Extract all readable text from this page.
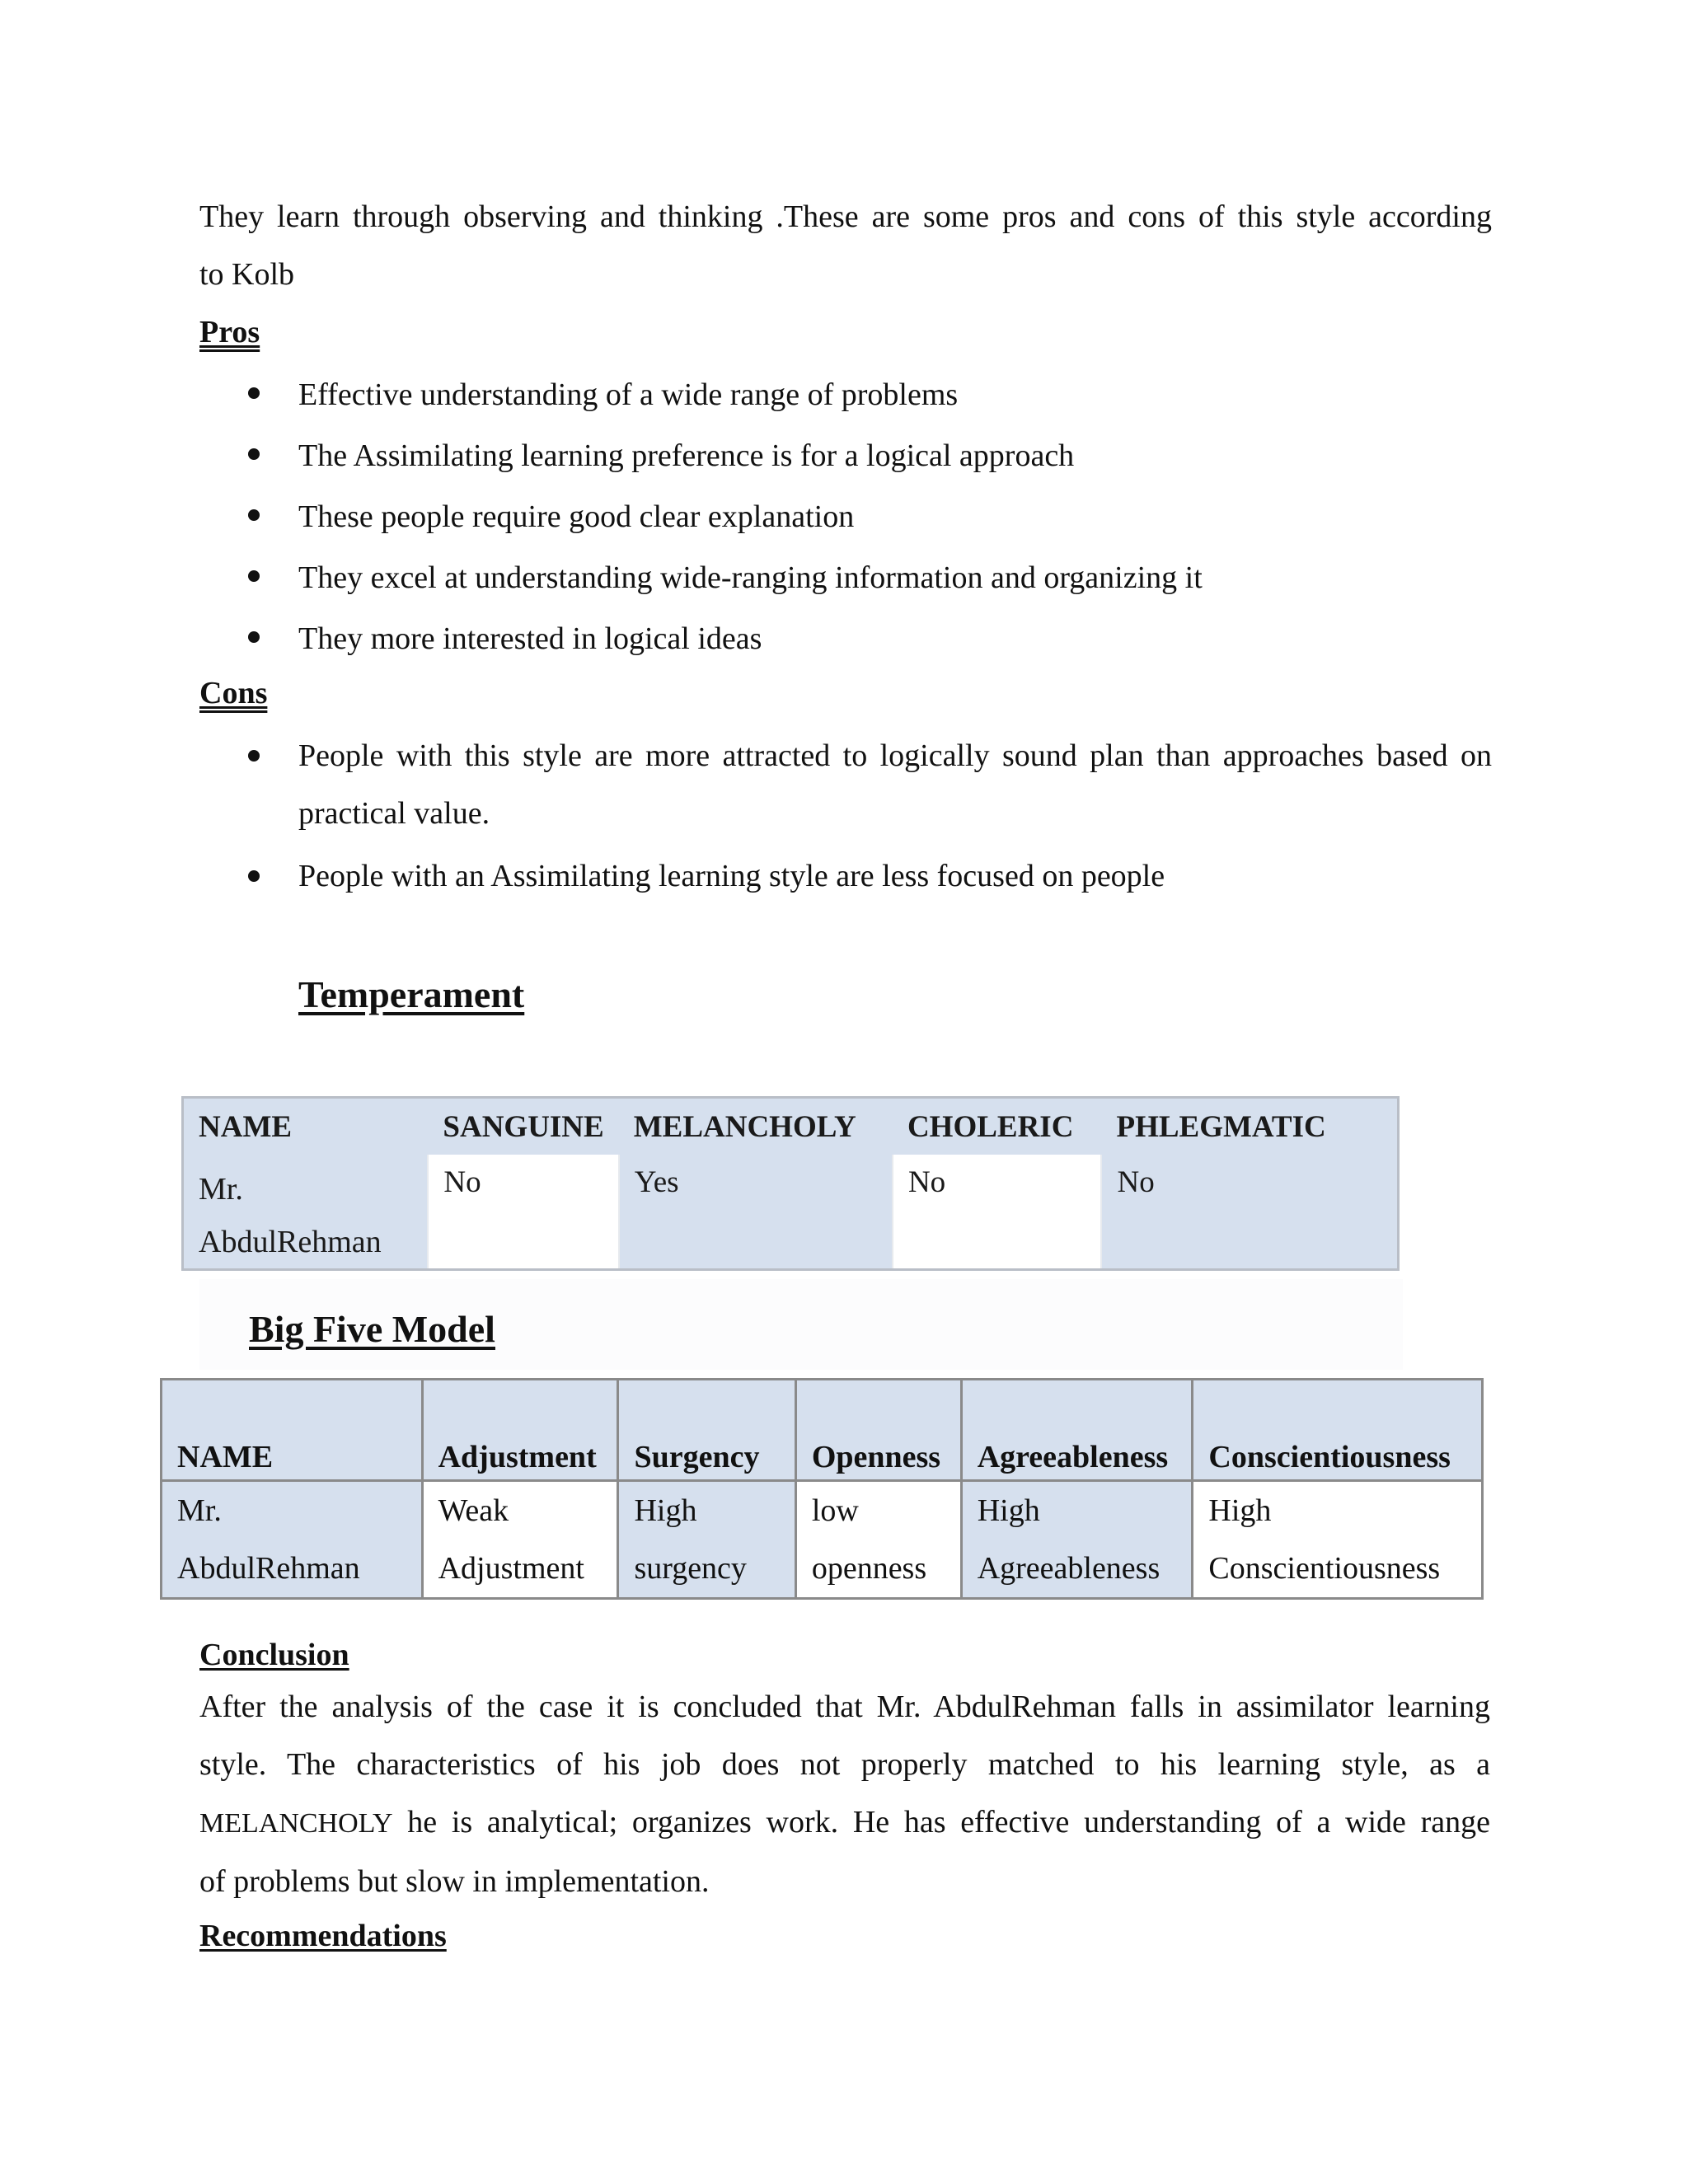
They learn through observing and thinking .These are some pros and cons of this style according
to Kolb
Pros
Effective understanding of a wide range of problems
The Assimilating learning preference is for a logical approach
These people require good clear explanation
They excel at understanding wide-ranging information and organizing it
They more interested in logical ideas
Cons
People with this style are more attracted to logically sound plan than approaches based on practical value.
People with an Assimilating learning style are less focused on people
Temperament
NAME	SANGUINE	MELANCHOLY	CHOLERIC	PHLEGMATIC
Mr. AbdulRehman	No	Yes	No	No
Big Five Model
NAME	Adjustment	Surgency	Openness	Agreeableness	Conscientiousness
Mr. AbdulRehman	Weak Adjustment	High surgency	low openness	High Agreeableness	High Conscientiousness
Conclusion
After the analysis of the case it is concluded that Mr. AbdulRehman falls in assimilator learning
style. The characteristics of his job does not properly matched to his learning style, as a
MELANCHOLY he is analytical; organizes work. He has effective understanding of a wide range
of problems but slow in implementation.
Recommendations
